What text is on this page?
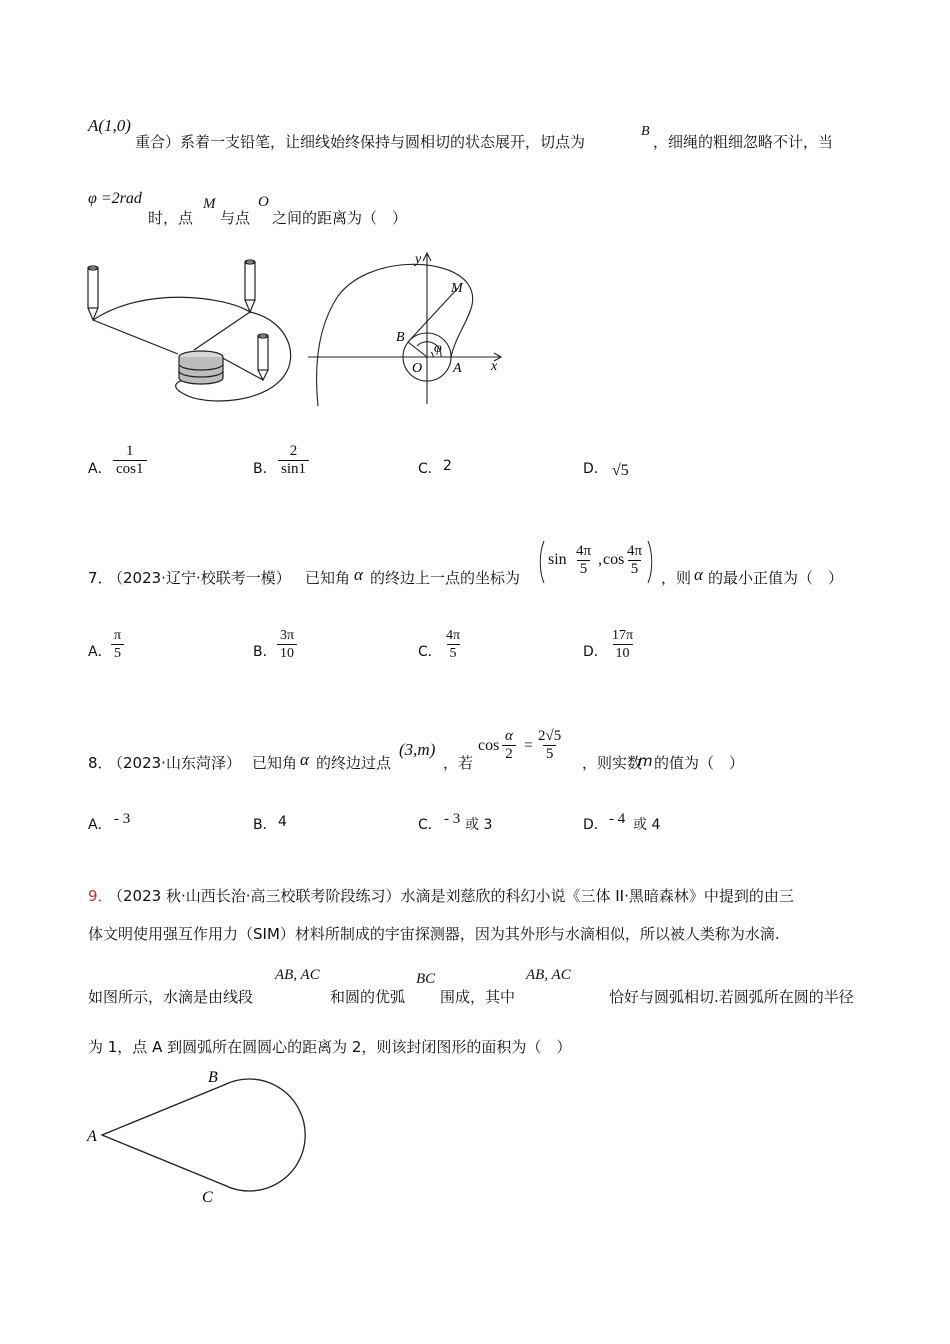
A(1,0)
重合）系着一支铅笔，让细线始终保持与圆相切的状态展开，切点为
B
，细绳的粗细忽略不计，当
φ =2rad
时，点
M
与点
O
之间的距离为（　）
y
x
M
B
φ
O A
A． $\frac{1}{\cos 1}$	B． $\frac{2}{\sin 1}$	C． 2	D． √5
7．
（2023·辽宁·校联考一模） 已知角 α 的终边上一点的坐标为
$\sin \frac{4\pi}{5}$ , $\cos \frac{4\pi}{5}$ ，则 α 的最小正值为（　）
A． $\frac{\pi}{5}$	B． $\frac{3\pi}{10}$	C． $\frac{4\pi}{5}$	D． $\frac{17\pi}{10}$
8．
（2023·山东菏泽） 已知角 α 的终边过点
(3,m)
，若
$\cos \frac{\alpha}{2} = \frac{2√5}{5}$ ，则实数
m 的值为（　）
A． - 3	B． 4	C． - 3 或 3	D． - 4 或 4
9．
（2023 秋·山西长治·高三校联考阶段练习）水滴是刘慈欣的科幻小说《三体 II·黑暗森林》中提到的由三
体文明使用强互作用力（SIM）材料所制成的宇宙探测器，因为其外形与水滴相似，所以被人类称为水滴.
如图所示，水滴是由线段
AB, AC
和圆的优弧
BC
围成，其中
AB, AC
恰好与圆弧相切.若圆弧所在圆的半径
为 1，点 A 到圆弧所在圆圆心的距离为 2，则该封闭图形的面积为（　）
A
B
C
